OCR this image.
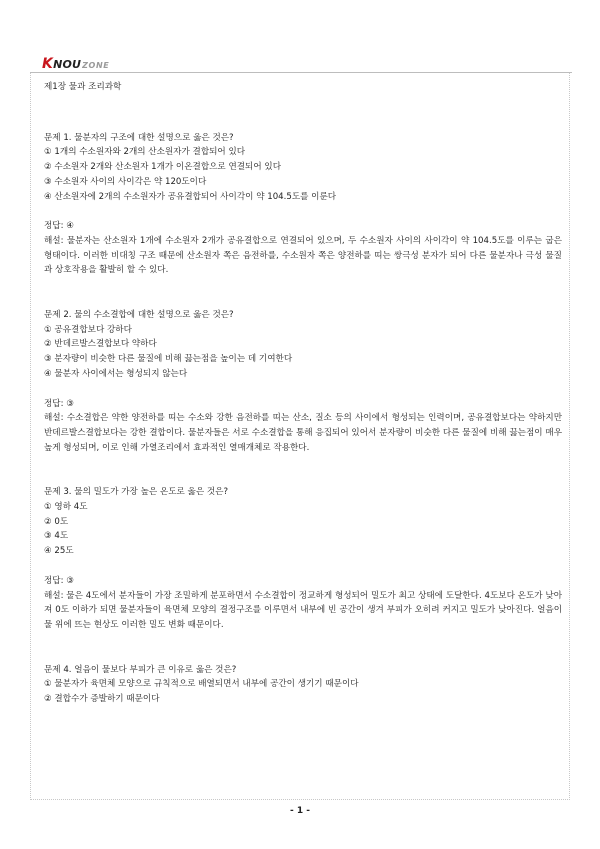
K NOU ZONE
제1장 물과 조리과학
문제 1. 물분자의 구조에 대한 설명으로 옳은 것은?
① 1개의 수소원자와 2개의 산소원자가 결합되어 있다
② 수소원자 2개와 산소원자 1개가 이온결합으로 연결되어 있다
③ 수소원자 사이의 사이각은 약 120도이다
④ 산소원자에 2개의 수소원자가 공유결합되어 사이각이 약 104.5도를 이룬다
정답: ④
해설: 물분자는 산소원자 1개에 수소원자 2개가 공유결합으로 연결되어 있으며, 두 수소원자 사이의 사이각이 약 104.5도를 이루는 굽은 형태이다. 이러한 비대칭 구조 때문에 산소원자 쪽은 음전하를, 수소원자 쪽은 양전하를 띠는 쌍극성 분자가 되어 다른 물분자나 극성 물질과 상호작용을 활발히 할 수 있다.
문제 2. 물의 수소결합에 대한 설명으로 옳은 것은?
① 공유결합보다 강하다
② 반데르발스결합보다 약하다
③ 분자량이 비슷한 다른 물질에 비해 끓는점을 높이는 데 기여한다
④ 물분자 사이에서는 형성되지 않는다
정답: ③
해설: 수소결합은 약한 양전하를 띠는 수소와 강한 음전하를 띠는 산소, 질소 등의 사이에서 형성되는 인력이며, 공유결합보다는 약하지만 반데르발스결합보다는 강한 결합이다. 물분자들은 서로 수소결합을 통해 응집되어 있어서 분자량이 비슷한 다른 물질에 비해 끓는점이 매우 높게 형성되며, 이로 인해 가열조리에서 효과적인 열매개체로 작용한다.
문제 3. 물의 밀도가 가장 높은 온도로 옳은 것은?
① 영하 4도
② 0도
③ 4도
④ 25도
정답: ③
해설: 물은 4도에서 분자들이 가장 조밀하게 분포하면서 수소결합이 정교하게 형성되어 밀도가 최고 상태에 도달한다. 4도보다 온도가 낮아져 0도 이하가 되면 물분자들이 육면체 모양의 결정구조를 이루면서 내부에 빈 공간이 생겨 부피가 오히려 커지고 밀도가 낮아진다. 얼음이 물 위에 뜨는 현상도 이러한 밀도 변화 때문이다.
문제 4. 얼음이 물보다 부피가 큰 이유로 옳은 것은?
① 물분자가 육면체 모양으로 규칙적으로 배열되면서 내부에 공간이 생기기 때문이다
② 결합수가 증발하기 때문이다
- 1 -
